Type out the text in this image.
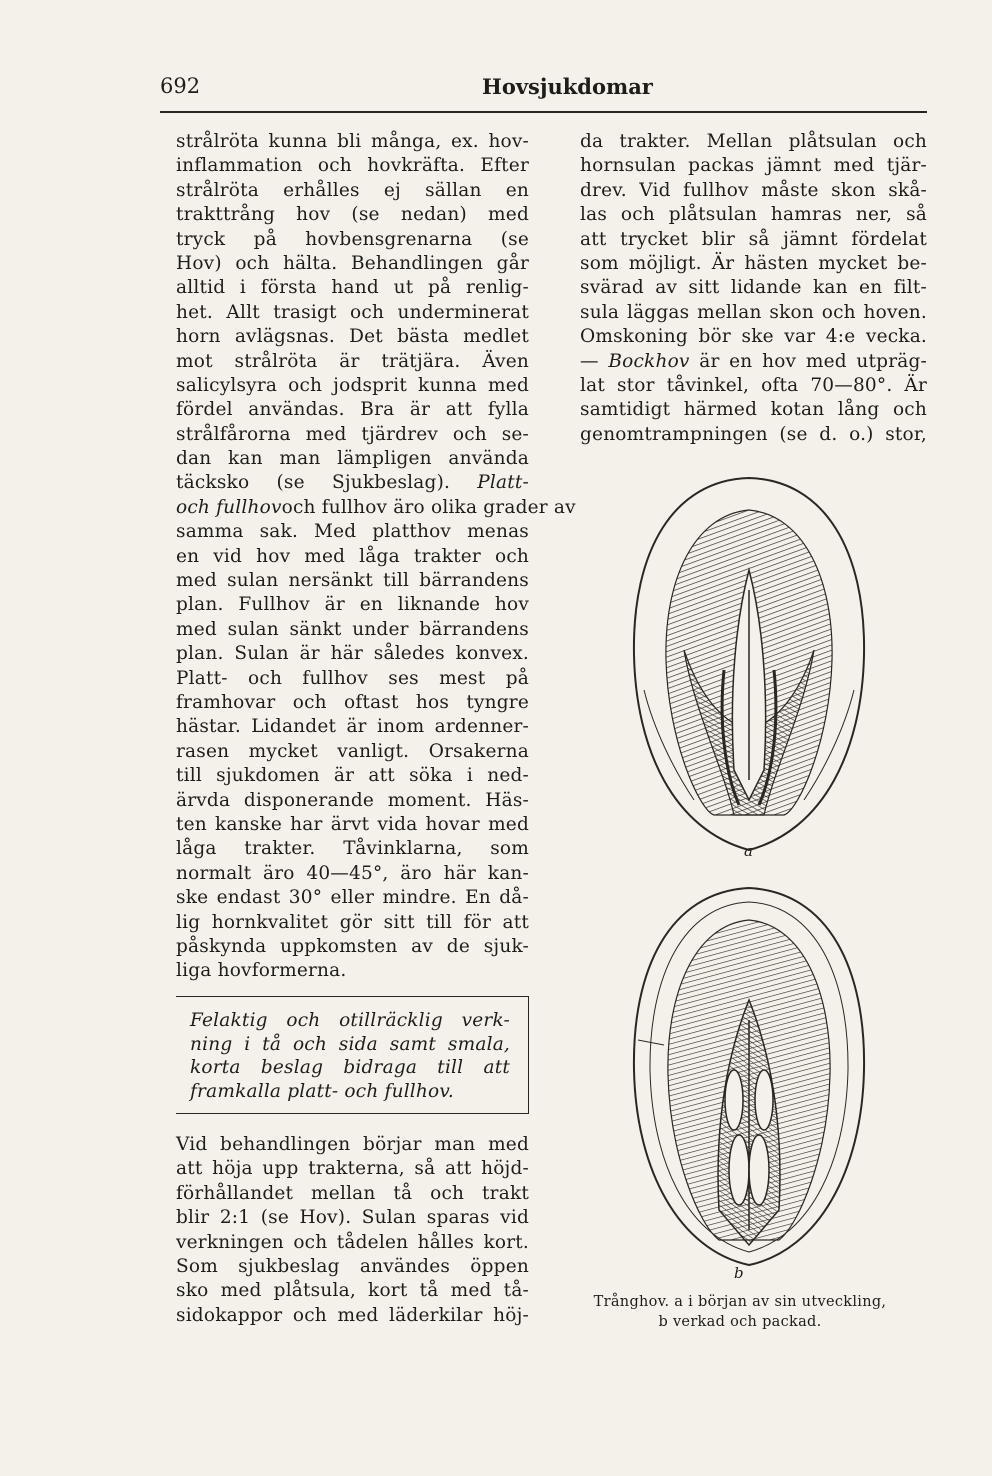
692	Hovsjukdomar
strålröta kunna bli många, ex. hov-
inflammation och hovkräfta. Efter
strålröta erhålles ej sällan en
trakttrång hov (se nedan) med
tryck på hovbensgrenarna (se
Hov) och hälta. Behandlingen går
alltid i första hand ut på renlig-
het. Allt trasigt och underminerat
horn avlägsnas. Det bästa medlet
mot strålröta är trätjära. Även
salicylsyra och jodsprit kunna med
fördel användas. Bra är att fylla
strålfårorna med tjärdrev och se-
dan kan man lämpligen använda
täcksko (se Sjukbeslag). Platt-
och fullhovoch fullhov äro olika grader av
samma sak. Med platthov menas
en vid hov med låga trakter och
med sulan nersänkt till bärrandens
plan. Fullhov är en liknande hov
med sulan sänkt under bärrandens
plan. Sulan är här således konvex.
Platt- och fullhov ses mest på
framhovar och oftast hos tyngre
hästar. Lidandet är inom ardenner-
rasen mycket vanligt. Orsakerna
till sjukdomen är att söka i ned-
ärvda disponerande moment. Häs-
ten kanske har ärvt vida hovar med
låga trakter. Tåvinklarna, som
normalt äro 40—45°, äro här kan-
ske endast 30° eller mindre. En då-
lig hornkvalitet gör sitt till för att
påskynda uppkomsten av de sjuk-
liga hovformerna.
Felaktig och otillräcklig verk-
ning i tå och sida samt smala,
korta beslag bidraga till att
framkalla platt- och fullhov.
Vid behandlingen börjar man med
att höja upp trakterna, så att höjd-
förhållandet mellan tå och trakt
blir 2:1 (se Hov). Sulan sparas vid
verkningen och tådelen hålles kort.
Som sjukbeslag användes öppen
sko med plåtsula, kort tå med tå-
sidokappor och med läderkilar höj-
da trakter. Mellan plåtsulan och
hornsulan packas jämnt med tjär-
drev. Vid fullhov måste skon skå-
las och plåtsulan hamras ner, så
att trycket blir så jämnt fördelat
som möjligt. Är hästen mycket be-
svärad av sitt lidande kan en filt-
sula läggas mellan skon och hoven.
Omskoning bör ske var 4:e vecka.
— Bockhov är en hov med utpräg-
lat stor tåvinkel, ofta 70—80°. Är
samtidigt härmed kotan lång och
genomtrampningen (se d. o.) stor,
a
b
Trånghov. a i början av sin utveckling,
b verkad och packad.
